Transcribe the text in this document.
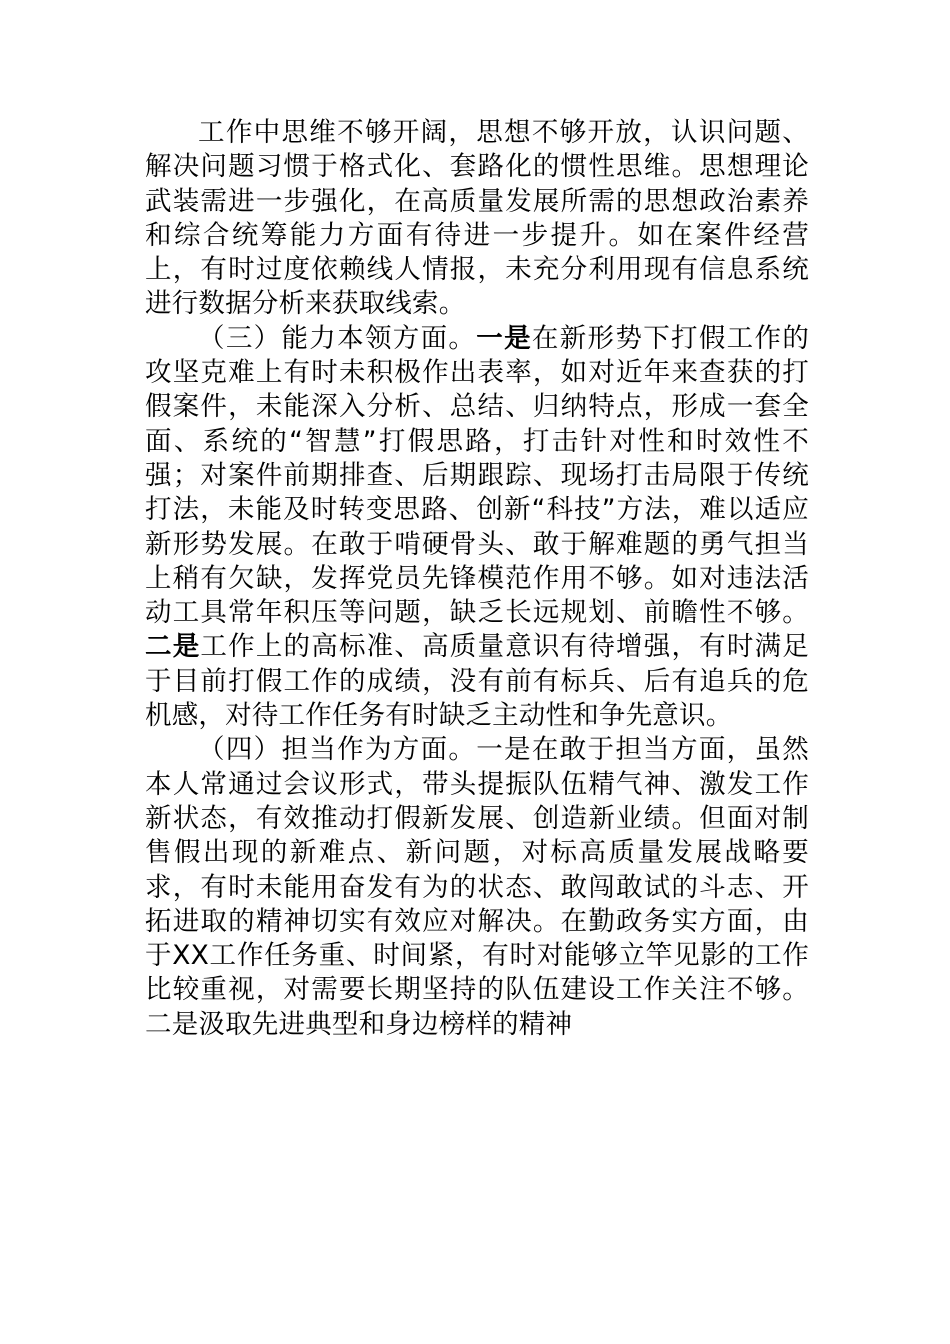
工作中思维不够开阔，思想不够开放，认识问题、解决问题习惯于格式化、套路化的惯性思维。思想理论武装需进一步强化，在高质量发展所需的思想政治素养和综合统筹能力方面有待进一步提升。如在案件经营上，有时过度依赖线人情报，未充分利用现有信息系统进行数据分析来获取线索。

（三）能力本领方面。一是在新形势下打假工作的攻坚克难上有时未积极作出表率，如对近年来查获的打假案件，未能深入分析、总结、归纳特点，形成一套全面、系统的“智慧”打假思路，打击针对性和时效性不强；对案件前期排查、后期跟踪、现场打击局限于传统打法，未能及时转变思路、创新“科技”方法，难以适应新形势发展。在敢于啃硬骨头、敢于解难题的勇气担当上稍有欠缺，发挥党员先锋模范作用不够。如对违法活动工具常年积压等问题，缺乏长远规划、前瞻性不够。二是工作上的高标准、高质量意识有待增强，有时满足于目前打假工作的成绩，没有前有标兵、后有追兵的危机感，对待工作任务有时缺乏主动性和争先意识。

（四）担当作为方面。一是在敢于担当方面，虽然本人常通过会议形式，带头提振队伍精气神、激发工作新状态，有效推动打假新发展、创造新业绩。但面对制售假出现的新难点、新问题，对标高质量发展战略要求，有时未能用奋发有为的状态、敢闯敢试的斗志、开拓进取的精神切实有效应对解决。在勤政务实方面，由于XX工作任务重、时间紧，有时对能够立竿见影的工作比较重视，对需要长期坚持的队伍建设工作关注不够。二是汲取先进典型和身边榜样的精神
